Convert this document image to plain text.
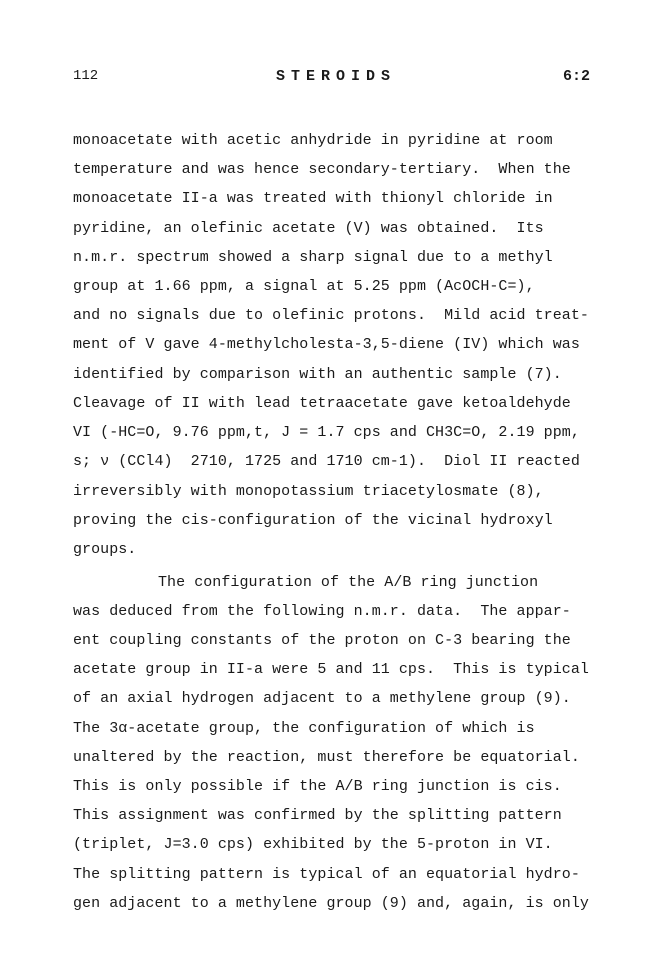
112	STEROIDS	6:2
monoacetate with acetic anhydride in pyridine at room
temperature and was hence secondary-tertiary.  When the
monoacetate II-a was treated with thionyl chloride in
pyridine, an olefinic acetate (V) was obtained.  Its
n.m.r. spectrum showed a sharp signal due to a methyl
group at 1.66 ppm, a signal at 5.25 ppm (AcOCH-C=),
and no signals due to olefinic protons.  Mild acid treat-
ment of V gave 4-methylcholesta-3,5-diene (IV) which was
identified by comparison with an authentic sample (7).
Cleavage of II with lead tetraacetate gave ketoaldehyde
VI (-HC=O, 9.76 ppm,t, J = 1.7 cps and CH3C=O, 2.19 ppm,
s; ν (CCl4)  2710, 1725 and 1710 cm-1).  Diol II reacted
irreversibly with monopotassium triacetylosmate (8),
proving the cis-configuration of the vicinal hydroxyl
groups.
The configuration of the A/B ring junction
was deduced from the following n.m.r. data.  The appar-
ent coupling constants of the proton on C-3 bearing the
acetate group in II-a were 5 and 11 cps.  This is typical
of an axial hydrogen adjacent to a methylene group (9).
The 3α-acetate group, the configuration of which is
unaltered by the reaction, must therefore be equatorial.
This is only possible if the A/B ring junction is cis.
This assignment was confirmed by the splitting pattern
(triplet, J=3.0 cps) exhibited by the 5-proton in VI.
The splitting pattern is typical of an equatorial hydro-
gen adjacent to a methylene group (9) and, again, is only
